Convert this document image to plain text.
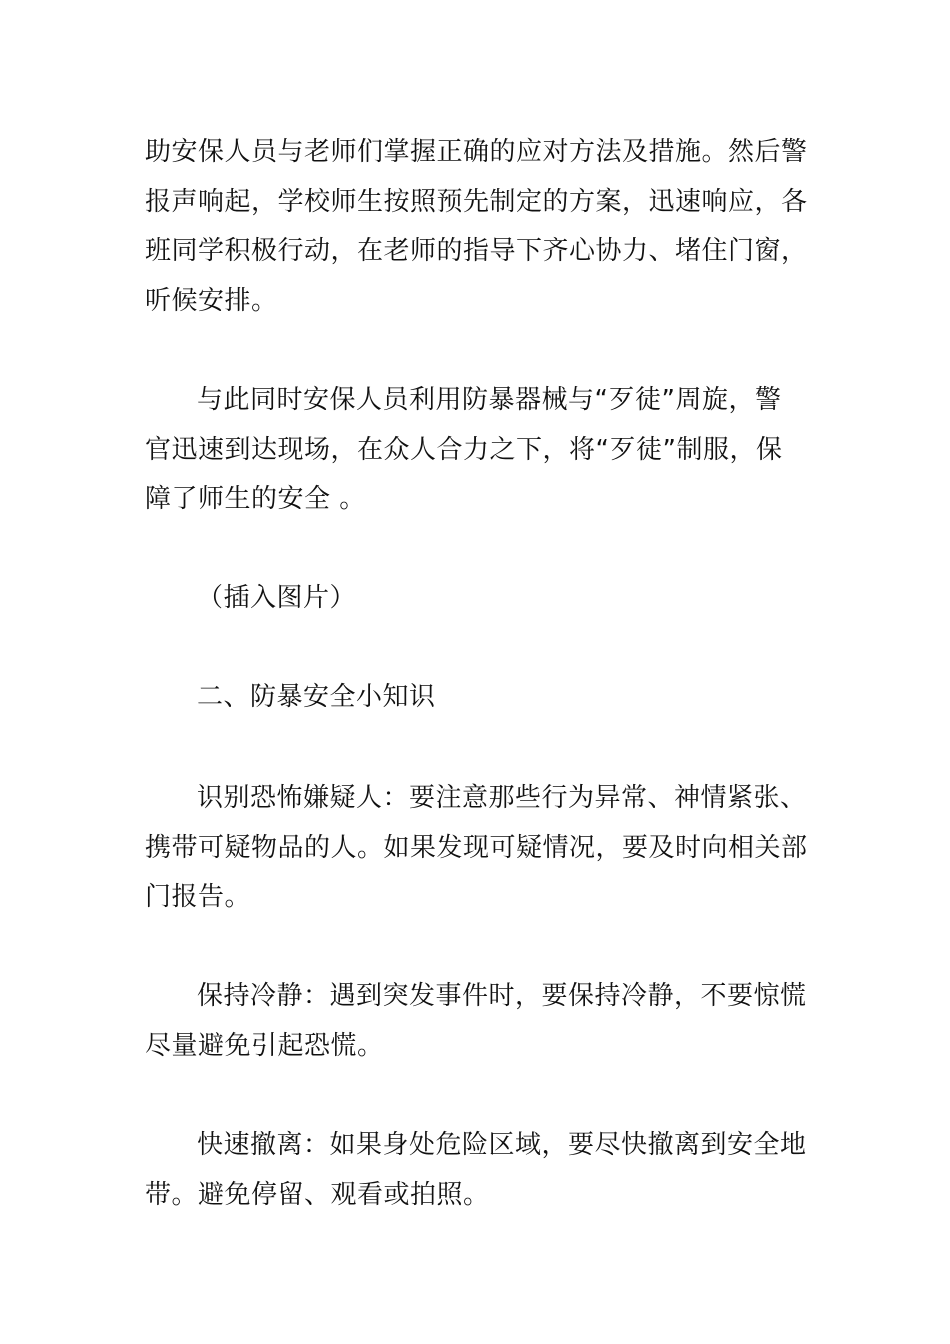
助安保人员与老师们掌握正确的应对方法及措施。然后警
报声响起，学校师生按照预先制定的方案，迅速响应，各
班同学积极行动，在老师的指导下齐心协力、堵住门窗，
听候安排。
与此同时安保人员利用防暴器械与“歹徒”周旋，警
官迅速到达现场，在众人合力之下，将“歹徒”制服，保
障了师生的安全 。
（插入图片）
二、防暴安全小知识
识别恐怖嫌疑人：要注意那些行为异常、神情紧张、
携带可疑物品的人。如果发现可疑情况，要及时向相关部
门报告。
保持冷静：遇到突发事件时，要保持冷静，不要惊慌
尽量避免引起恐慌。
快速撤离：如果身处危险区域，要尽快撤离到安全地
带。避免停留、观看或拍照。
